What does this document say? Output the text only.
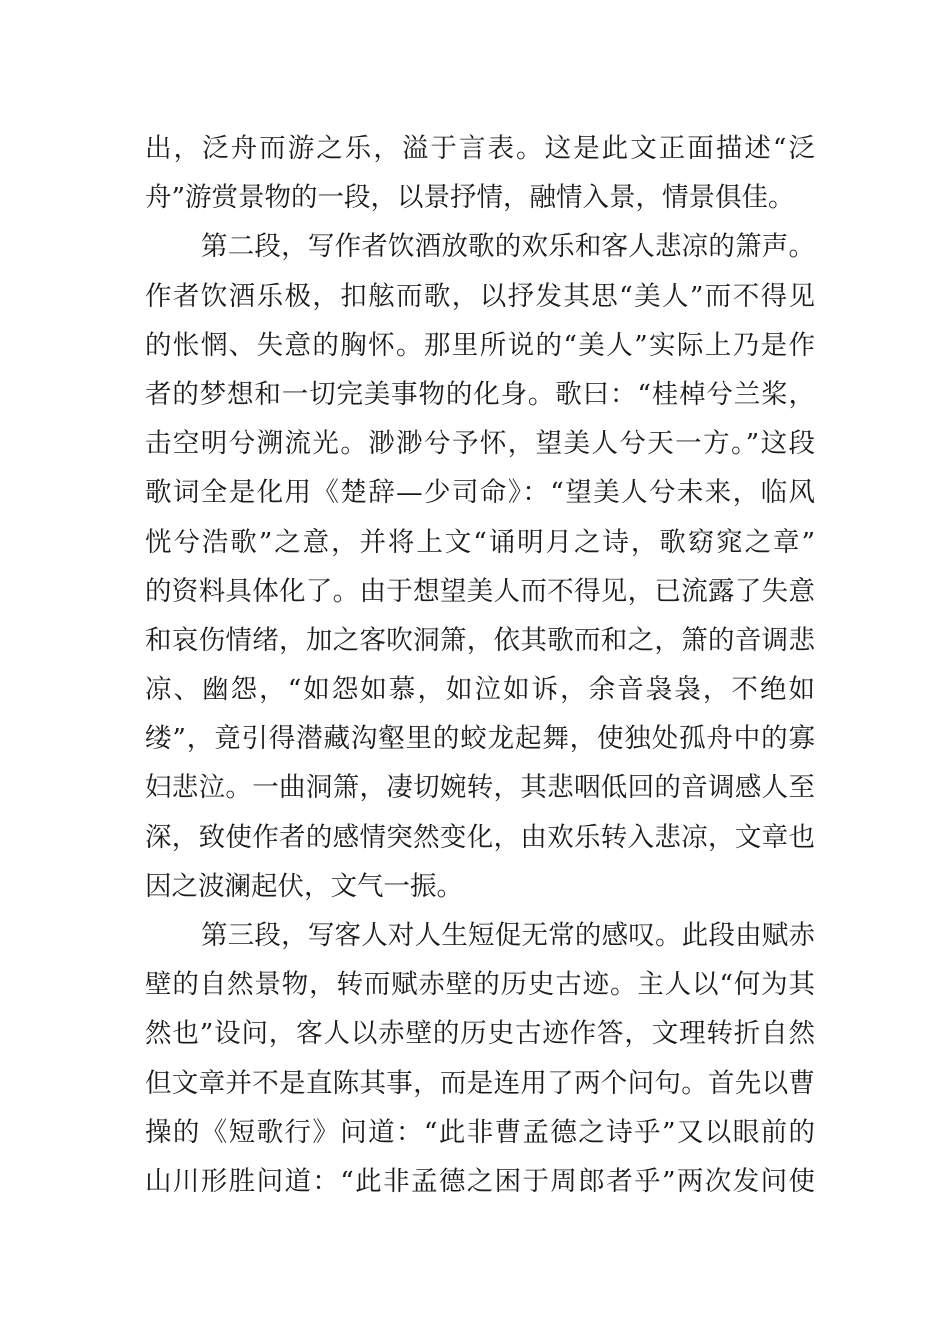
出，泛舟而游之乐，溢于言表。这是此文正面描述“泛
舟”游赏景物的一段，以景抒情，融情入景，情景俱佳。
第二段，写作者饮酒放歌的欢乐和客人悲凉的箫声。
作者饮酒乐极，扣舷而歌，以抒发其思“美人”而不得见
的怅惘、失意的胸怀。那里所说的“美人”实际上乃是作
者的梦想和一切完美事物的化身。歌曰：“桂棹兮兰桨，
击空明兮溯流光。渺渺兮予怀，望美人兮天一方。”这段
歌词全是化用《楚辞—少司命》：“望美人兮未来，临风
恍兮浩歌”之意，并将上文“诵明月之诗，歌窈窕之章”
的资料具体化了。由于想望美人而不得见，已流露了失意
和哀伤情绪，加之客吹洞箫，依其歌而和之，箫的音调悲
凉、幽怨，“如怨如慕，如泣如诉，余音袅袅，不绝如
缕”，竟引得潜藏沟壑里的蛟龙起舞，使独处孤舟中的寡
妇悲泣。一曲洞箫，凄切婉转，其悲咽低回的音调感人至
深，致使作者的感情突然变化，由欢乐转入悲凉，文章也
因之波澜起伏，文气一振。
第三段，写客人对人生短促无常的感叹。此段由赋赤
壁的自然景物，转而赋赤壁的历史古迹。主人以“何为其
然也”设问，客人以赤壁的历史古迹作答，文理转折自然
但文章并不是直陈其事，而是连用了两个问句。首先以曹
操的《短歌行》问道：“此非曹孟德之诗乎”又以眼前的
山川形胜问道：“此非孟德之困于周郎者乎”两次发问使
